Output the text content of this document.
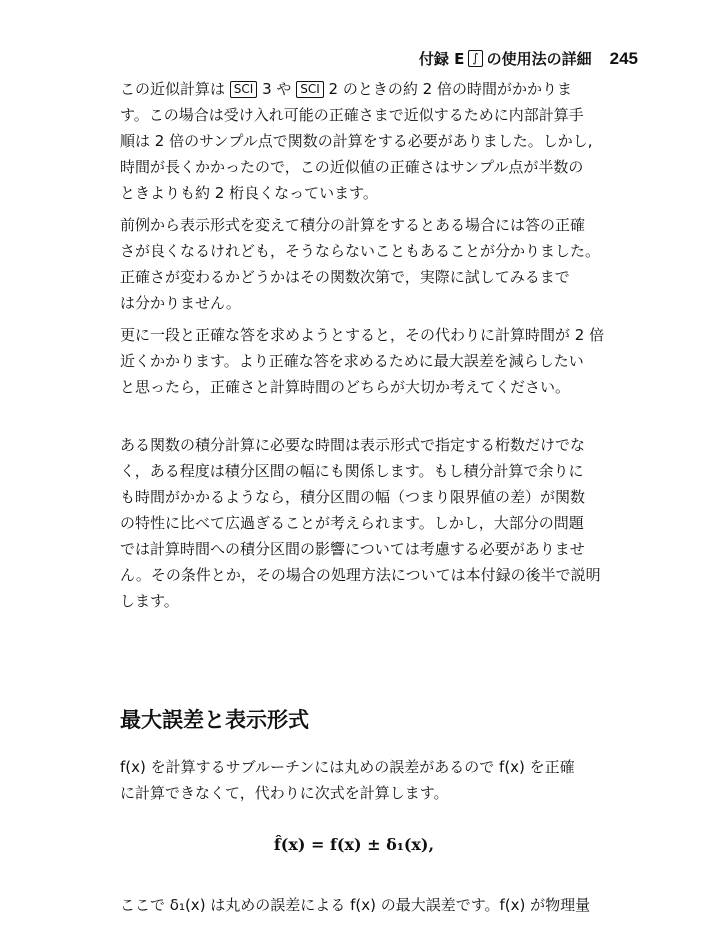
付録 E ∫ の使用法の詳細 245
この近似計算は SCI 3 や SCI 2 のときの約 2 倍の時間がかかりま
す。この場合は受け入れ可能の正確さまで近似するために内部計算手
順は 2 倍のサンプル点で関数の計算をする必要がありました。しかし,
時間が長くかかったので，この近似値の正確さはサンプル点が半数の
ときよりも約 2 桁良くなっています。
前例から表示形式を変えて積分の計算をするとある場合には答の正確
さが良くなるけれども，そうならないこともあることが分かりました。
正確さが変わるかどうかはその関数次第で，実際に試してみるまで
は分かりません。
更に一段と正確な答を求めようとすると，その代わりに計算時間が 2 倍
近くかかります。より正確な答を求めるために最大誤差を減らしたい
と思ったら，正確さと計算時間のどちらが大切か考えてください。
ある関数の積分計算に必要な時間は表示形式で指定する桁数だけでな
く，ある程度は積分区間の幅にも関係します。もし積分計算で余りに
も時間がかかるようなら，積分区間の幅（つまり限界値の差）が関数
の特性に比べて広過ぎることが考えられます。しかし，大部分の問題
では計算時間への積分区間の影響については考慮する必要がありませ
ん。その条件とか，その場合の処理方法については本付録の後半で説明
します。
最大誤差と表示形式
f(x) を計算するサブルーチンには丸めの誤差があるので f(x) を正確
に計算できなくて，代わりに次式を計算します。
f̂(x) = f(x) ± δ₁(x),
ここで δ₁(x) は丸めの誤差による f(x) の最大誤差です。f(x) が物理量
